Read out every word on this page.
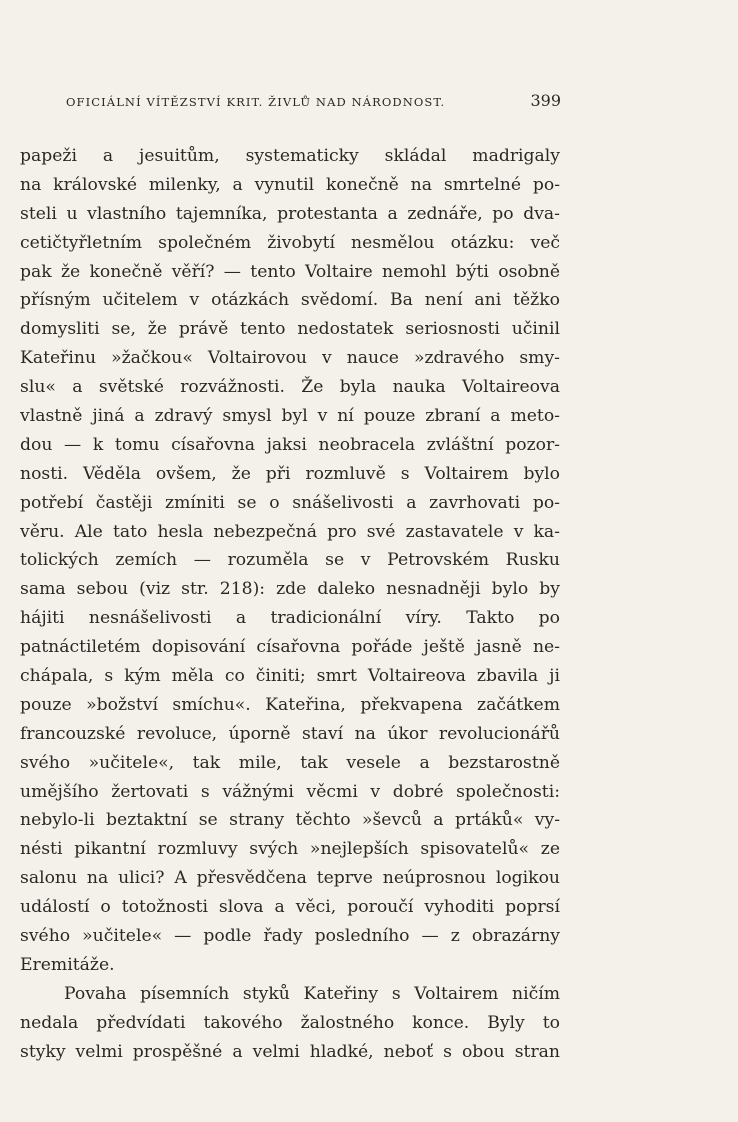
OFICIÁLNÍ VÍTĚZSTVÍ KRIT. ŽIVLŮ NAD NÁRODNOST.	399
papeži a jesuitům, systematicky skládal madrigaly
na královské milenky, a vynutil konečně na smrtelné po-
steli u vlastního tajemníka, protestanta a zednáře, po dva-
cetičtyřletním společném živobytí nesmělou otázku: več
pak že konečně věří? — tento Voltaire nemohl býti osobně
přísným učitelem v otázkách svědomí. Ba není ani těžko
domysliti se, že právě tento nedostatek seriosnosti učinil
Kateřinu »žačkou« Voltairovou v nauce »zdravého smy-
slu« a světské rozvážnosti. Že byla nauka Voltaireova
vlastně jiná a zdravý smysl byl v ní pouze zbraní a meto-
dou — k tomu císařovna jaksi neobracela zvláštní pozor-
nosti. Věděla ovšem, že při rozmluvě s Voltairem bylo
potřebí častěji zmíniti se o snášelivosti a zavrhovati po-
věru. Ale tato hesla nebezpečná pro své zastavatele v ka-
tolických zemích — rozuměla se v Petrovském Rusku
sama sebou (viz str. 218): zde daleko nesnadněji bylo by
hájiti nesnášelivosti a tradicionální víry. Takto po
patnáctiletém dopisování císařovna pořáde ještě jasně ne-
chápala, s kým měla co činiti; smrt Voltaireova zbavila ji
pouze »božství smíchu«. Kateřina, překvapena začátkem
francouzské revoluce, úporně staví na úkor revolucionářů
svého »učitele«, tak mile, tak vesele a bezstarostně
umějšího žertovati s vážnými věcmi v dobré společnosti:
nebylo-li beztaktní se strany těchto »ševců a prtáků« vy-
nésti pikantní rozmluvy svých »nejlepších spisovatelů« ze
salonu na ulici? A přesvědčena teprve neúprosnou logikou
událostí o totožnosti slova a věci, poroučí vyhoditi poprsí
svého »učitele« — podle řady posledního — z obrazárny
Eremitáže.
Povaha písemních styků Kateřiny s Voltairem ničím
nedala předvídati takového žalostného konce. Byly to
styky velmi prospěšné a velmi hladké, neboť s obou stran
